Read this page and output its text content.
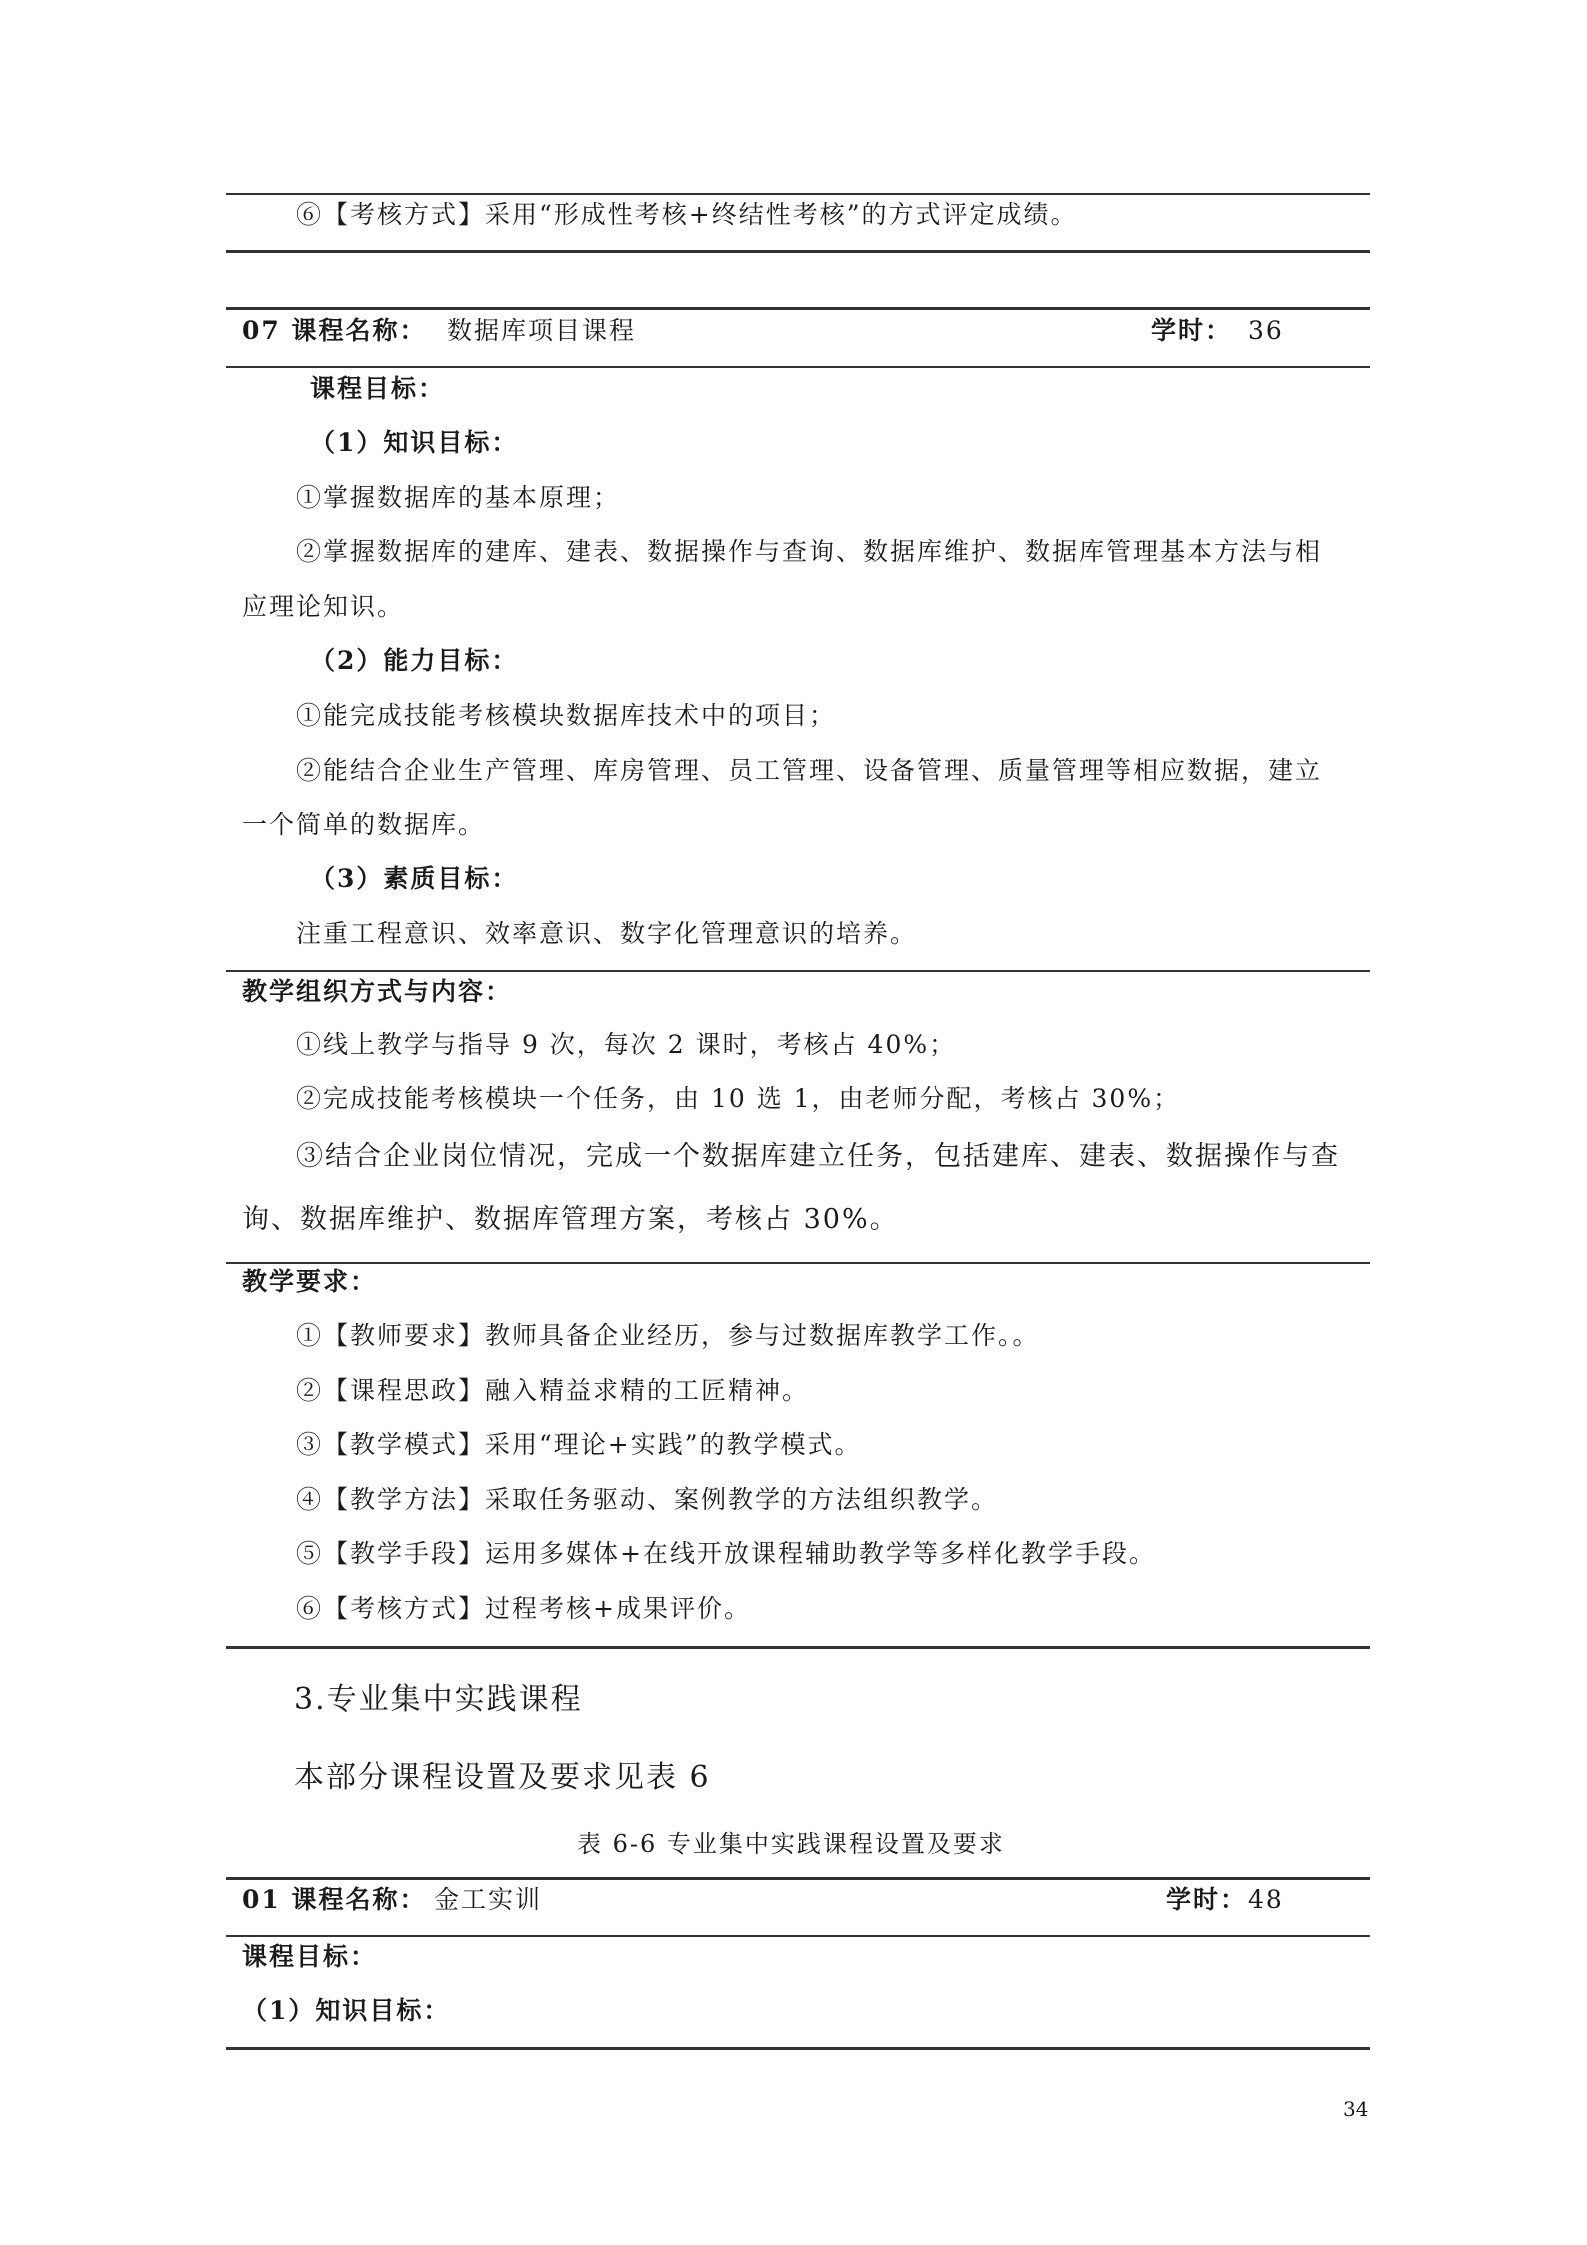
⑥【考核方式】采用“形成性考核+终结性考核”的方式评定成绩。
07 课程名称： 数据库项目课程	学时： 36
课程目标：
（1）知识目标：
①掌握数据库的基本原理；
②掌握数据库的建库、建表、数据操作与查询、数据库维护、数据库管理基本方法与相
应理论知识。
（2）能力目标：
①能完成技能考核模块数据库技术中的项目；
②能结合企业生产管理、库房管理、员工管理、设备管理、质量管理等相应数据，建立
一个简单的数据库。
（3）素质目标：
注重工程意识、效率意识、数字化管理意识的培养。
教学组织方式与内容：
①线上教学与指导 9 次，每次 2 课时，考核占 40%；
②完成技能考核模块一个任务，由 10 选 1，由老师分配，考核占 30%；
③结合企业岗位情况，完成一个数据库建立任务，包括建库、建表、数据操作与查
询、数据库维护、数据库管理方案，考核占 30%。
教学要求：
①【教师要求】教师具备企业经历，参与过数据库教学工作。。
②【课程思政】融入精益求精的工匠精神。
③【教学模式】采用“理论+实践”的教学模式。
④【教学方法】采取任务驱动、案例教学的方法组织教学。
⑤【教学手段】运用多媒体+在线开放课程辅助教学等多样化教学手段。
⑥【考核方式】过程考核+成果评价。
3.专业集中实践课程
本部分课程设置及要求见表 6
表 6-6 专业集中实践课程设置及要求
01 课程名称： 金工实训	学时： 48
课程目标：
（1）知识目标：
34
